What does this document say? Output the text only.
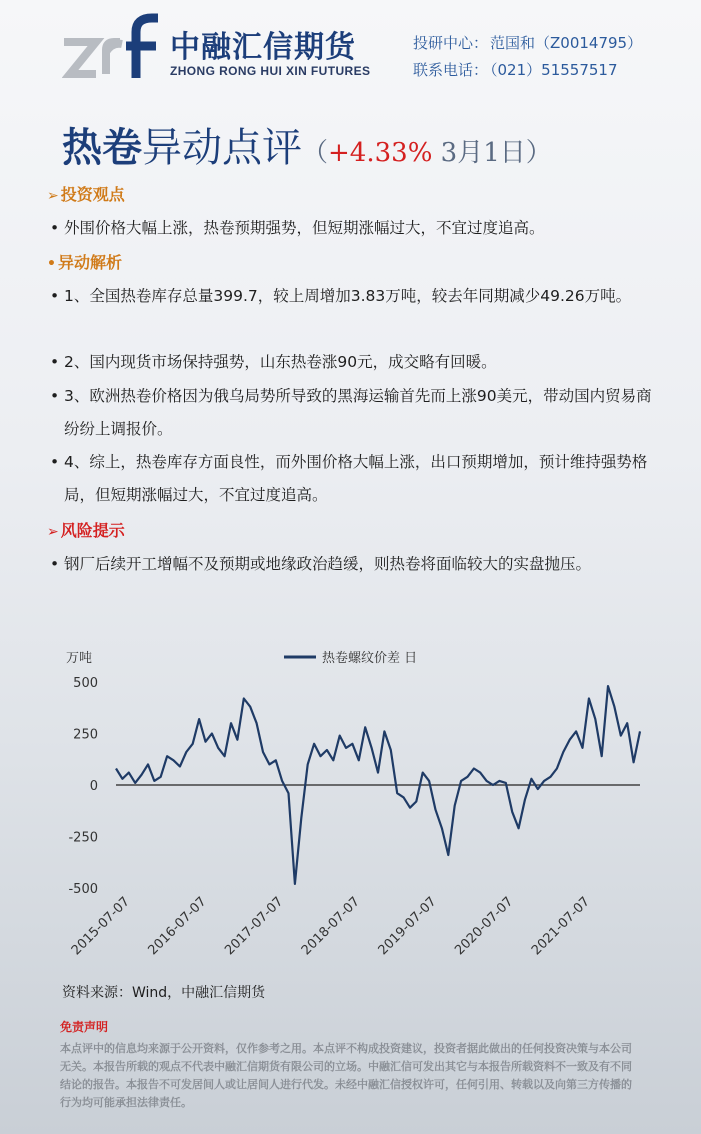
中融汇信期货
ZHONG RONG HUI XIN FUTURES
投研中心： 范国和（Z0014795）
联系电话： （021）51557517
热卷异动点评（+4.33% 3月1日）
➢ 投资观点
• 外围价格大幅上涨，热卷预期强势，但短期涨幅过大，不宜过度追高。
• 异动解析
• 1、全国热卷库存总量399.7，较上周增加3.83万吨，较去年同期减少49.26万吨。
• 2、国内现货市场保持强势，山东热卷涨90元，成交略有回暖。
• 3、欧洲热卷价格因为俄乌局势所导致的黑海运输首先而上涨90美元，带动国内贸易商纷纷上调报价。
• 4、综上，热卷库存方面良性，而外围价格大幅上涨，出口预期增加，预计维持强势格局，但短期涨幅过大，不宜过度追高。
➢ 风险提示
• 钢厂后续开工增幅不及预期或地缘政治趋缓，则热卷将面临较大的实盘抛压。
万吨	热卷螺纹价差 日
500
250
0
-250
-500
2015-07-07 2016-07-07 2017-07-07 2018-07-07 2019-07-07 2020-07-07 2021-07-07
资料来源：Wind，中融汇信期货
免责声明
本点评中的信息均来源于公开资料，仅作参考之用。本点评不构成投资建议，投资者据此做出的任何投资决策与本公司无关。本报告所载的观点不代表中融汇信期货有限公司的立场。中融汇信可发出其它与本报告所载资料不一致及有不同结论的报告。本报告不可发居间人或让居间人进行代发。未经中融汇信授权许可，任何引用、转载以及向第三方传播的行为均可能承担法律责任。
